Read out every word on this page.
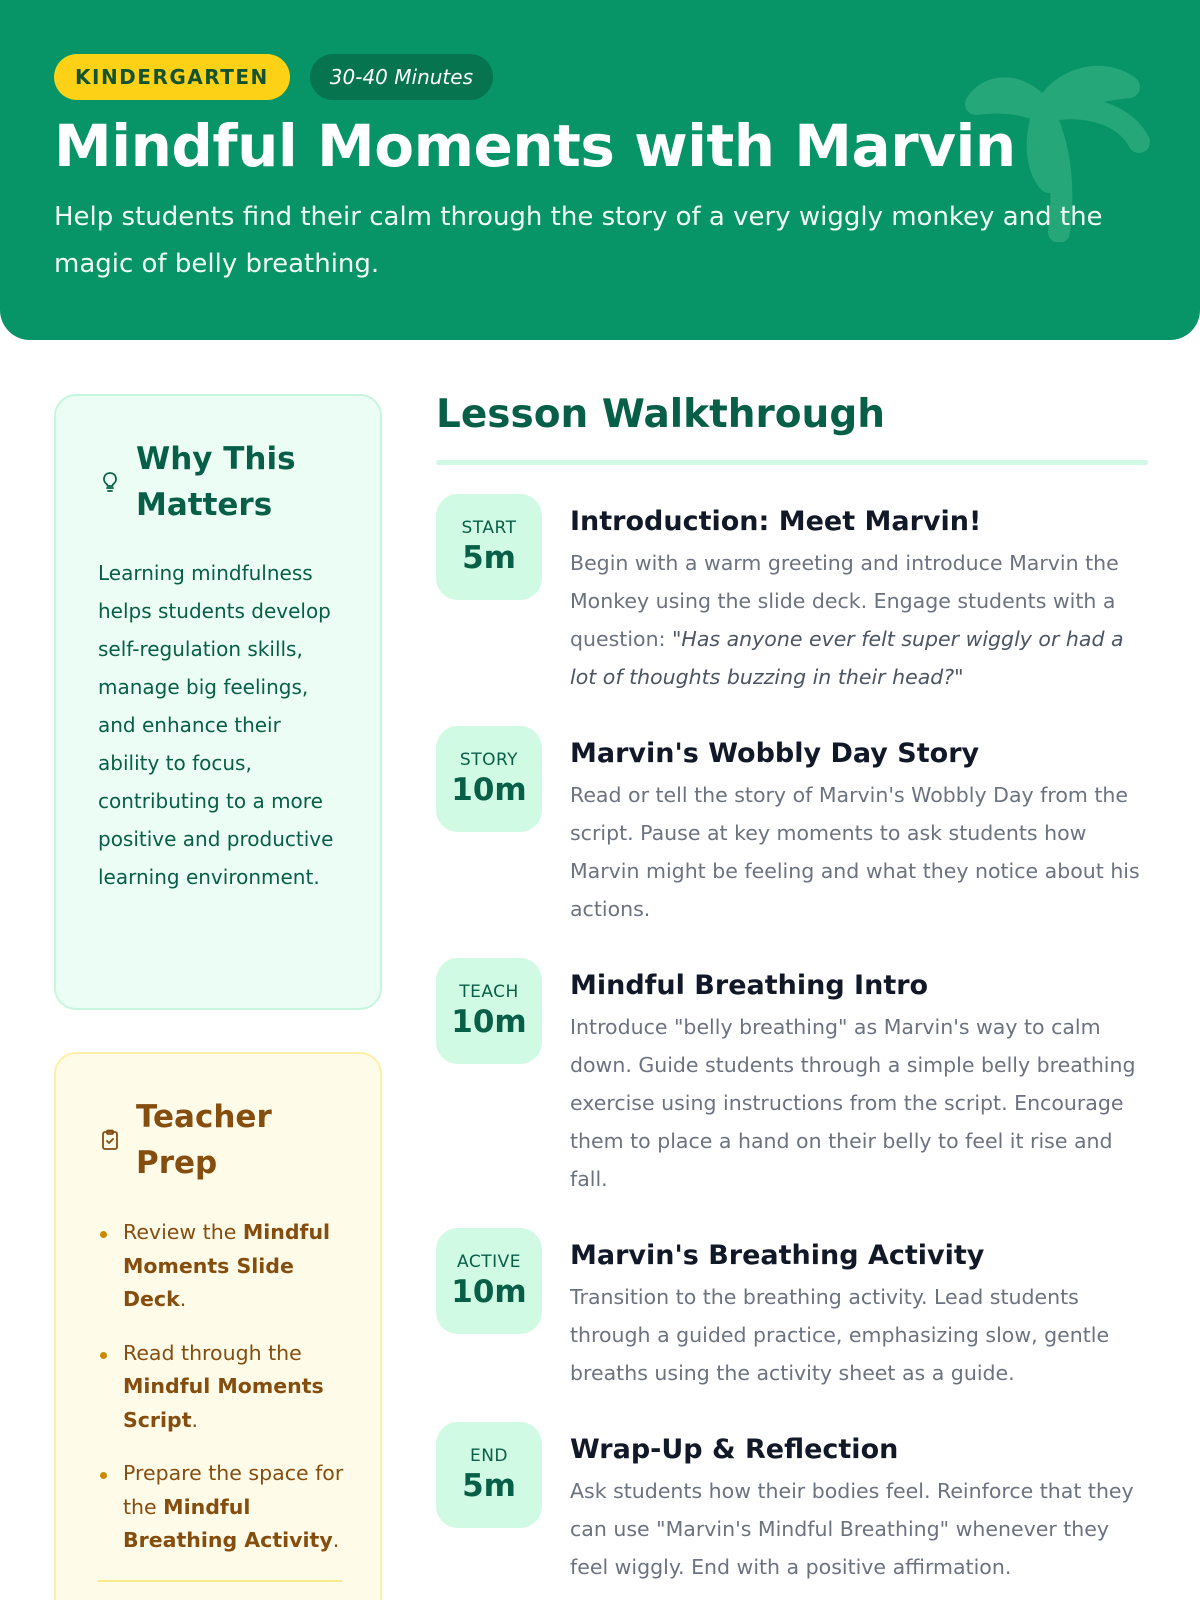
KINDERGARTEN	30-40 Minutes
Mindful Moments with Marvin

Help students find their calm through the story of a very wiggly monkey and the magic of belly breathing.

Why This Matters

Learning mindfulness helps students develop self-regulation skills, manage big feelings, and enhance their ability to focus, contributing to a more positive and productive learning environment.

Teacher Prep
Review the Mindful Moments Slide Deck.
Read through the Mindful Moments Script.
Prepare the space for the Mindful Breathing Activity.
Lesson Walkthrough
START
5m
Introduction: Meet Marvin!

Begin with a warm greeting and introduce Marvin the Monkey using the slide deck. Engage students with a question: "Has anyone ever felt super wiggly or had a lot of thoughts buzzing in their head?"

STORY
10m
Marvin's Wobbly Day Story

Read or tell the story of Marvin's Wobbly Day from the script. Pause at key moments to ask students how Marvin might be feeling and what they notice about his actions.

TEACH
10m
Mindful Breathing Intro

Introduce "belly breathing" as Marvin's way to calm down. Guide students through a simple belly breathing exercise using instructions from the script. Encourage them to place a hand on their belly to feel it rise and fall.

ACTIVE
10m
Marvin's Breathing Activity

Transition to the breathing activity. Lead students through a guided practice, emphasizing slow, gentle breaths using the activity sheet as a guide.

END
5m
Wrap-Up & Reflection

Ask students how their bodies feel. Reinforce that they can use "Marvin's Mindful Breathing" whenever they feel wiggly. End with a positive affirmation.
